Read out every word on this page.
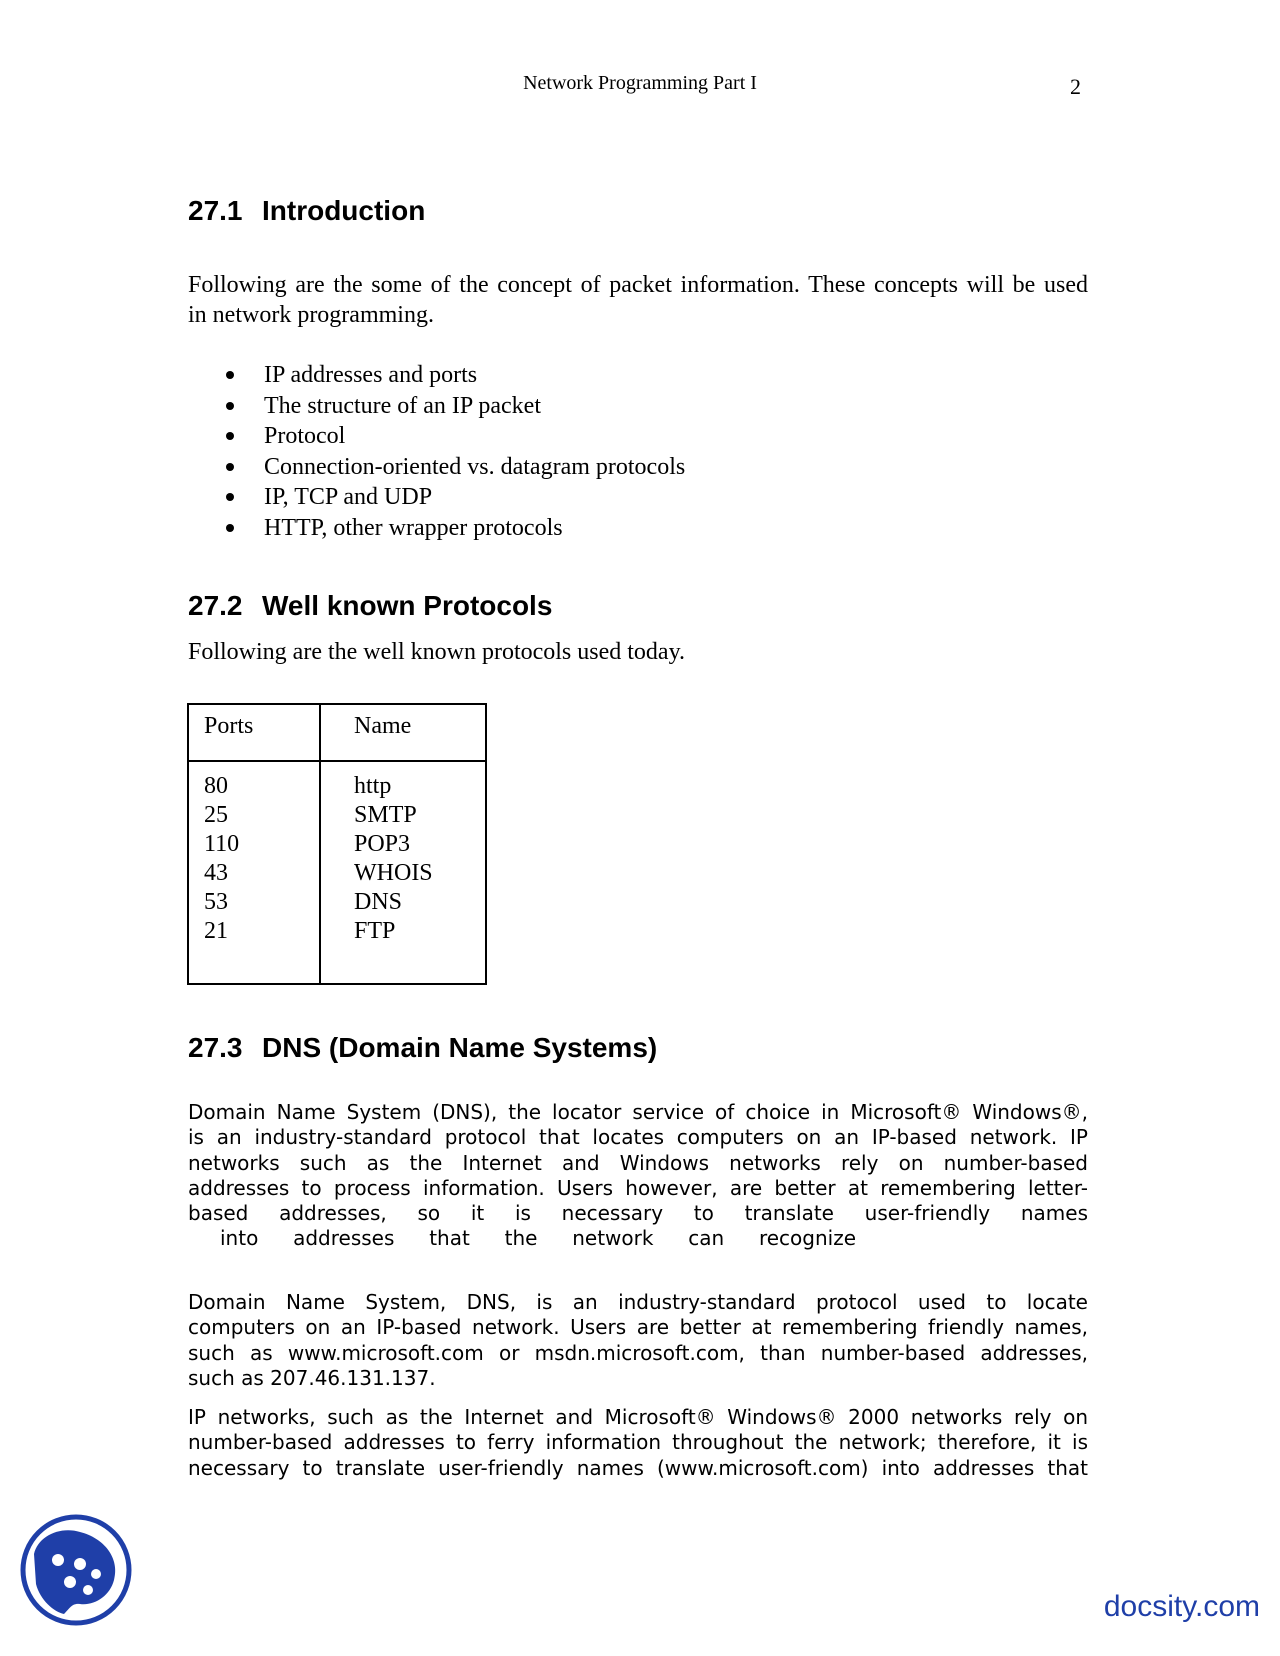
Network Programming Part I	2
27.1 Introduction

Following are the some of the concept of packet information. These concepts will be used
in network programming.

IP addresses and ports
The structure of an IP packet
Protocol
Connection-oriented vs. datagram protocols
IP, TCP and UDP
HTTP, other wrapper protocols
27.2 Well known Protocols

Following are the well known protocols used today.

Ports	Name
80
25
110
43
53
21
http
SMTP
POP3
WHOIS
DNS
FTP
27.3 DNS (Domain Name Systems)
Domain Name System (DNS), the locator service of choice in Microsoft® Windows®,
is an industry-standard protocol that locates computers on an IP-based network. IP
networks such as the Internet and Windows networks rely on number-based
addresses to process information. Users however, are better at remembering letter-
based addresses, so it is necessary to translate user-friendly names
into addresses that the network can recognize
Domain Name System, DNS, is an industry-standard protocol used to locate
computers on an IP-based network. Users are better at remembering friendly names,
such as www.microsoft.com or msdn.microsoft.com, than number-based addresses,
such as 207.46.131.137.
IP networks, such as the Internet and Microsoft® Windows® 2000 networks rely on
number-based addresses to ferry information throughout the network; therefore, it is
necessary to translate user-friendly names (www.microsoft.com) into addresses that
docsity.com
